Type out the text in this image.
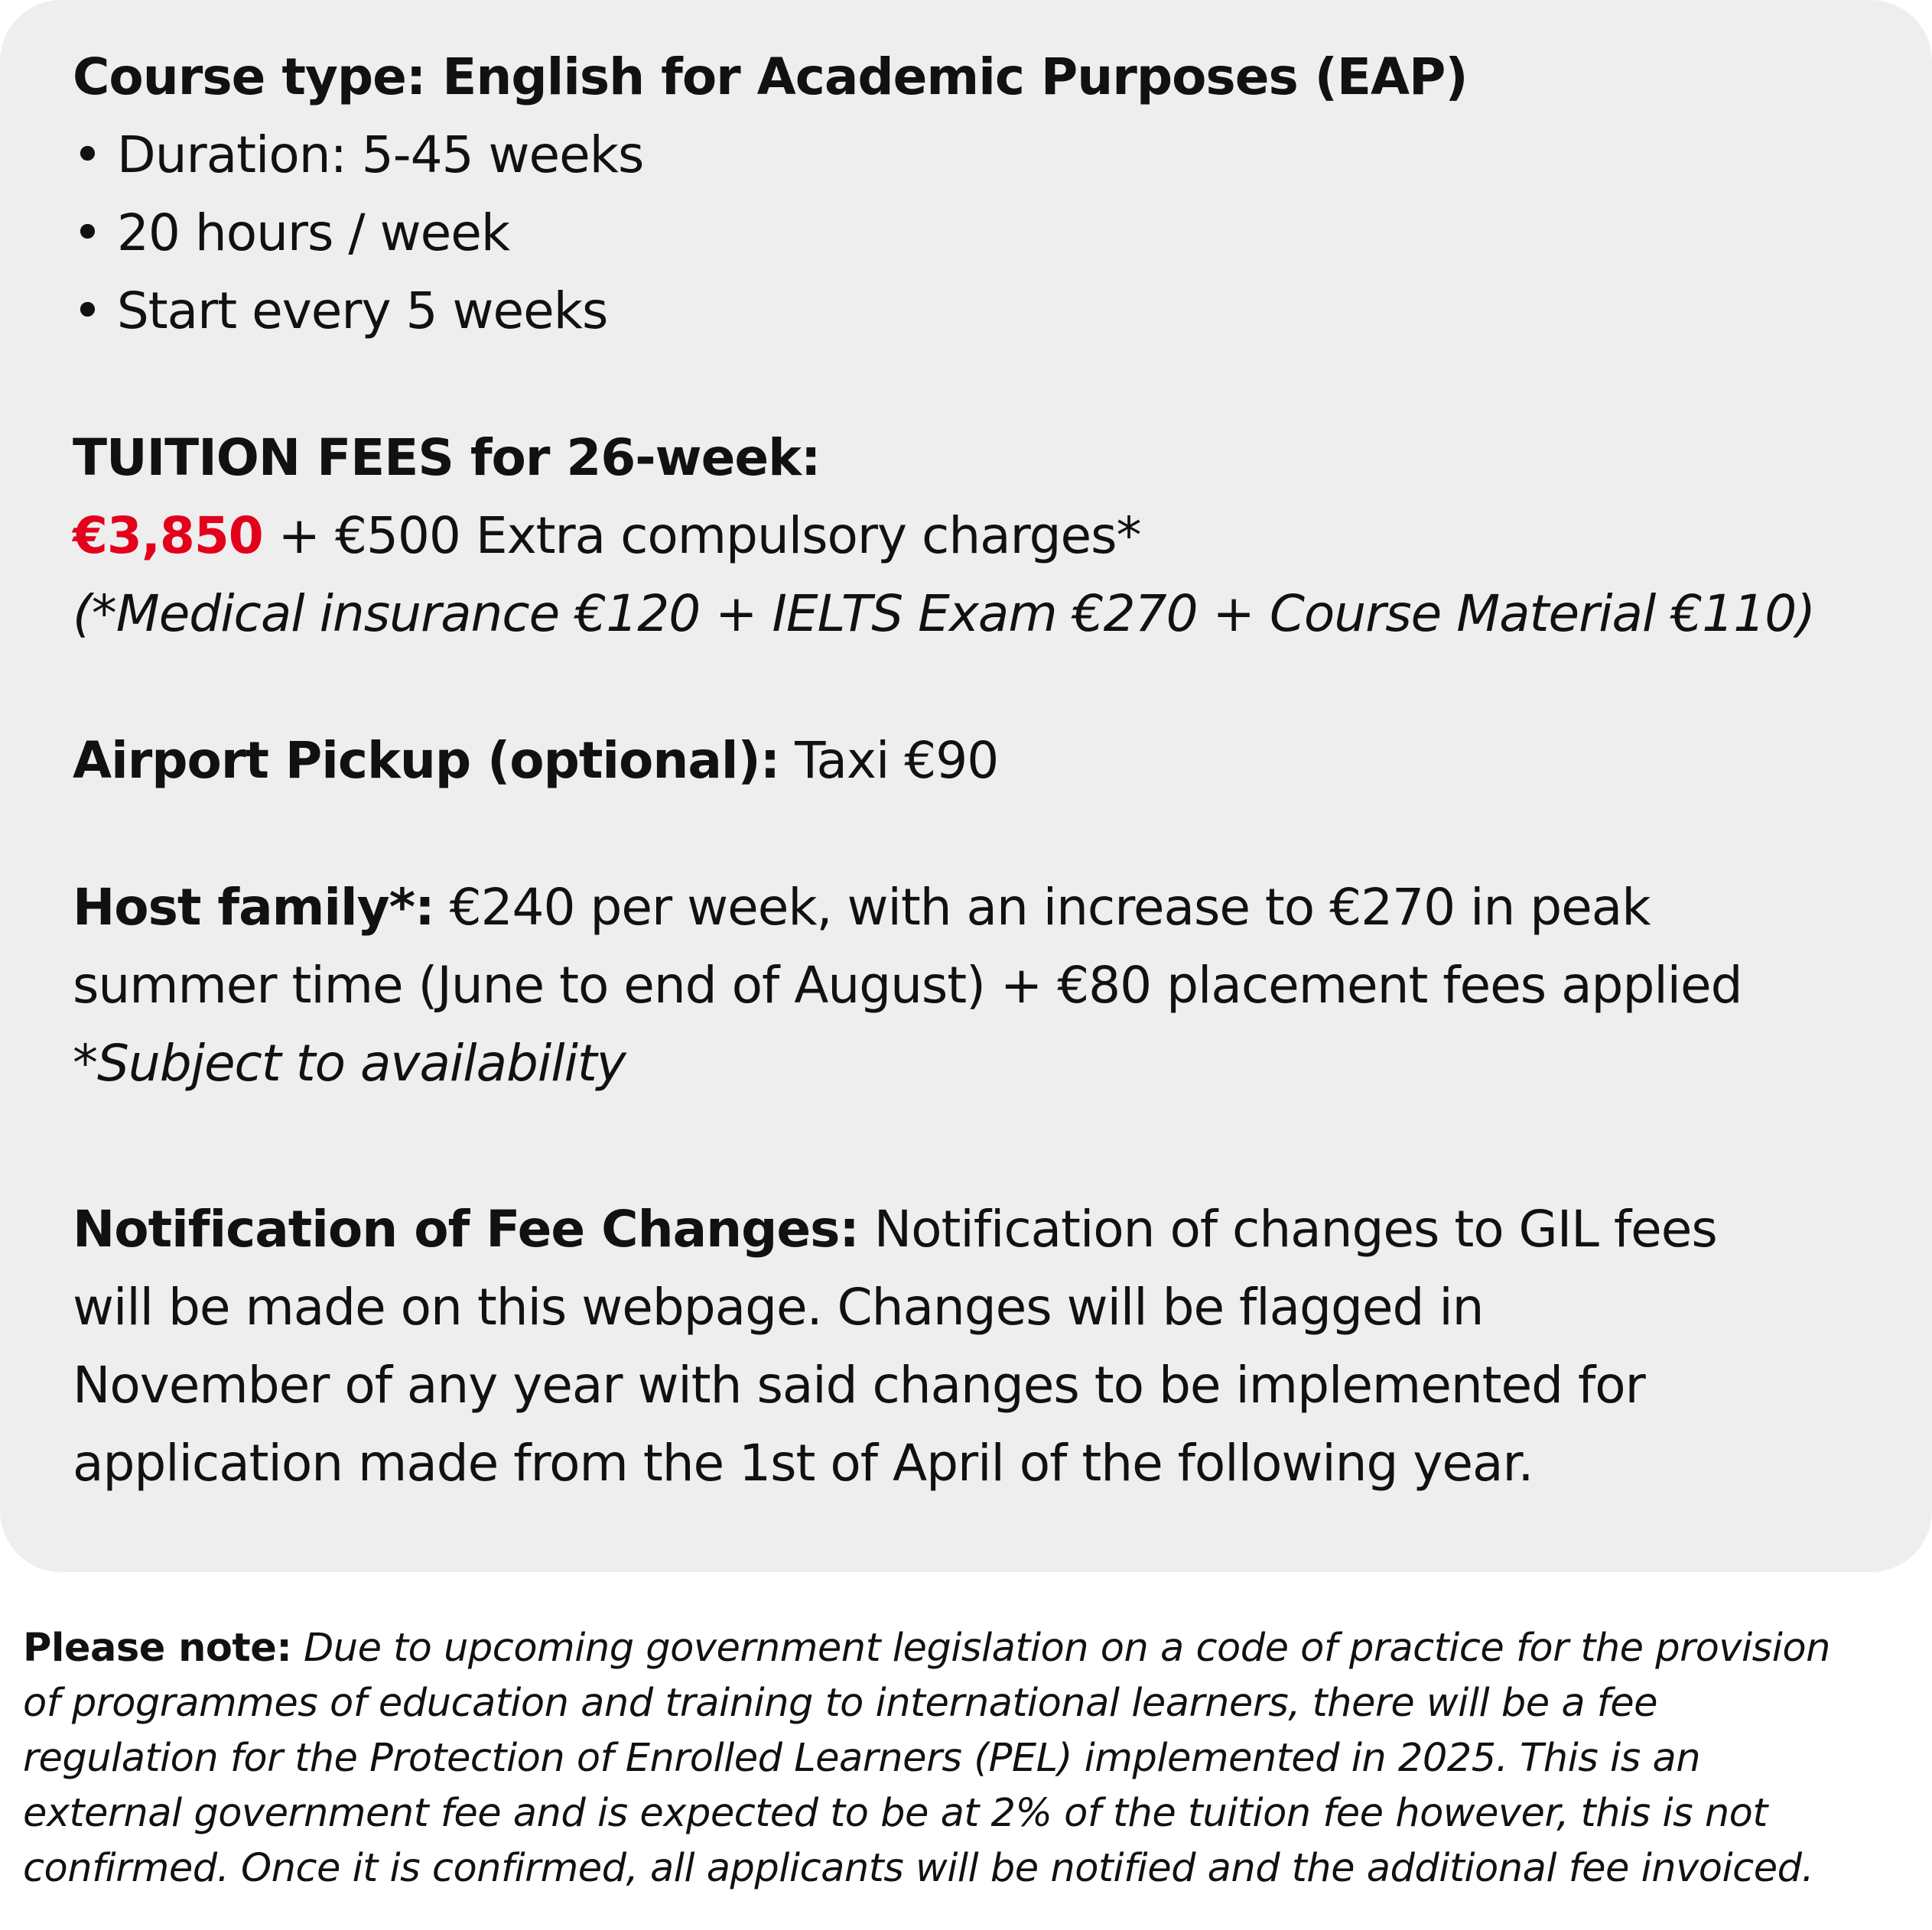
Course type: English for Academic Purposes (EAP)
• Duration: 5-45 weeks
• 20 hours / week
• Start every 5 weeks
TUITION FEES for 26-week:
€3,850 + €500 Extra compulsory charges*
(*Medical insurance €120 + IELTS Exam €270 + Course Material €110)
Airport Pickup (optional): Taxi €90
Host family*: €240 per week, with an increase to €270 in peak
summer time (June to end of August) + €80 placement fees applied
*Subject to availability
Notification of Fee Changes: Notification of changes to GIL fees
will be made on this webpage. Changes will be flagged in
November of any year with said changes to be implemented for
application made from the 1st of April of the following year.
Please note: Due to upcoming government legislation on a code of practice for the provision
of programmes of education and training to international learners, there will be a fee
regulation for the Protection of Enrolled Learners (PEL) implemented in 2025. This is an
external government fee and is expected to be at 2% of the tuition fee however, this is not
confirmed. Once it is confirmed, all applicants will be notified and the additional fee invoiced.
